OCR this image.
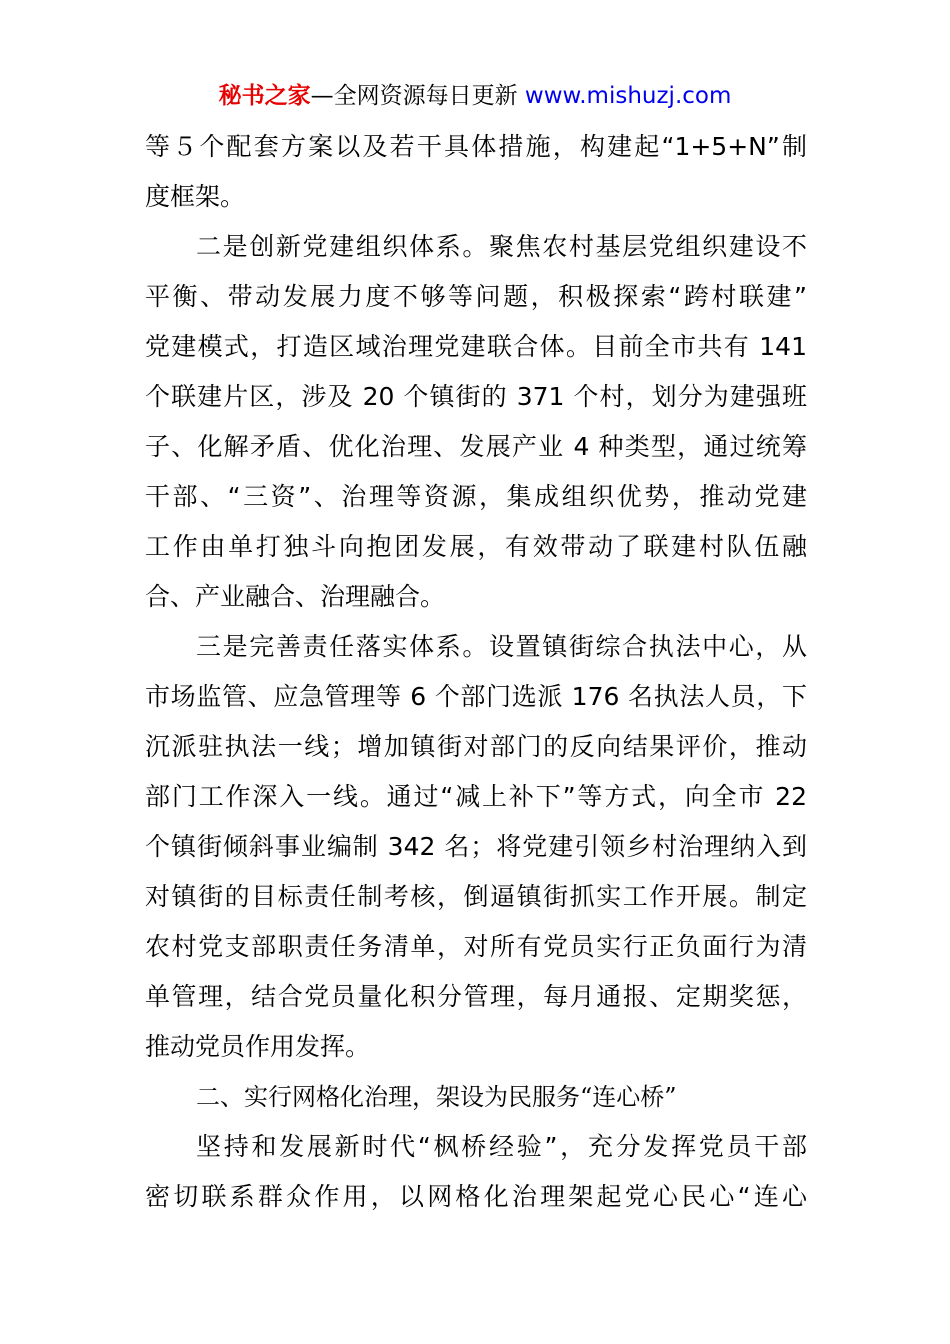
秘书之家—全网资源每日更新 www.mishuzj.com
等５个配套方案以及若干具体措施，构建起“1+5+N”制
度框架。
二是创新党建组织体系。聚焦农村基层党组织建设不
平衡、带动发展力度不够等问题，积极探索“跨村联建”
党建模式，打造区域治理党建联合体。目前全市共有 141
个联建片区，涉及 20 个镇街的 371 个村，划分为建强班
子、化解矛盾、优化治理、发展产业 4 种类型，通过统筹
干部、“三资”、治理等资源，集成组织优势，推动党建
工作由单打独斗向抱团发展，有效带动了联建村队伍融
合、产业融合、治理融合。
三是完善责任落实体系。设置镇街综合执法中心，从
市场监管、应急管理等 6 个部门选派 176 名执法人员，下
沉派驻执法一线；增加镇街对部门的反向结果评价，推动
部门工作深入一线。通过“减上补下”等方式，向全市 22
个镇街倾斜事业编制 342 名；将党建引领乡村治理纳入到
对镇街的目标责任制考核，倒逼镇街抓实工作开展。制定
农村党支部职责任务清单，对所有党员实行正负面行为清
单管理，结合党员量化积分管理，每月通报、定期奖惩，
推动党员作用发挥。
二、实行网格化治理，架设为民服务“连心桥”
坚持和发展新时代“枫桥经验”，充分发挥党员干部
密切联系群众作用，以网格化治理架起党心民心“连心
